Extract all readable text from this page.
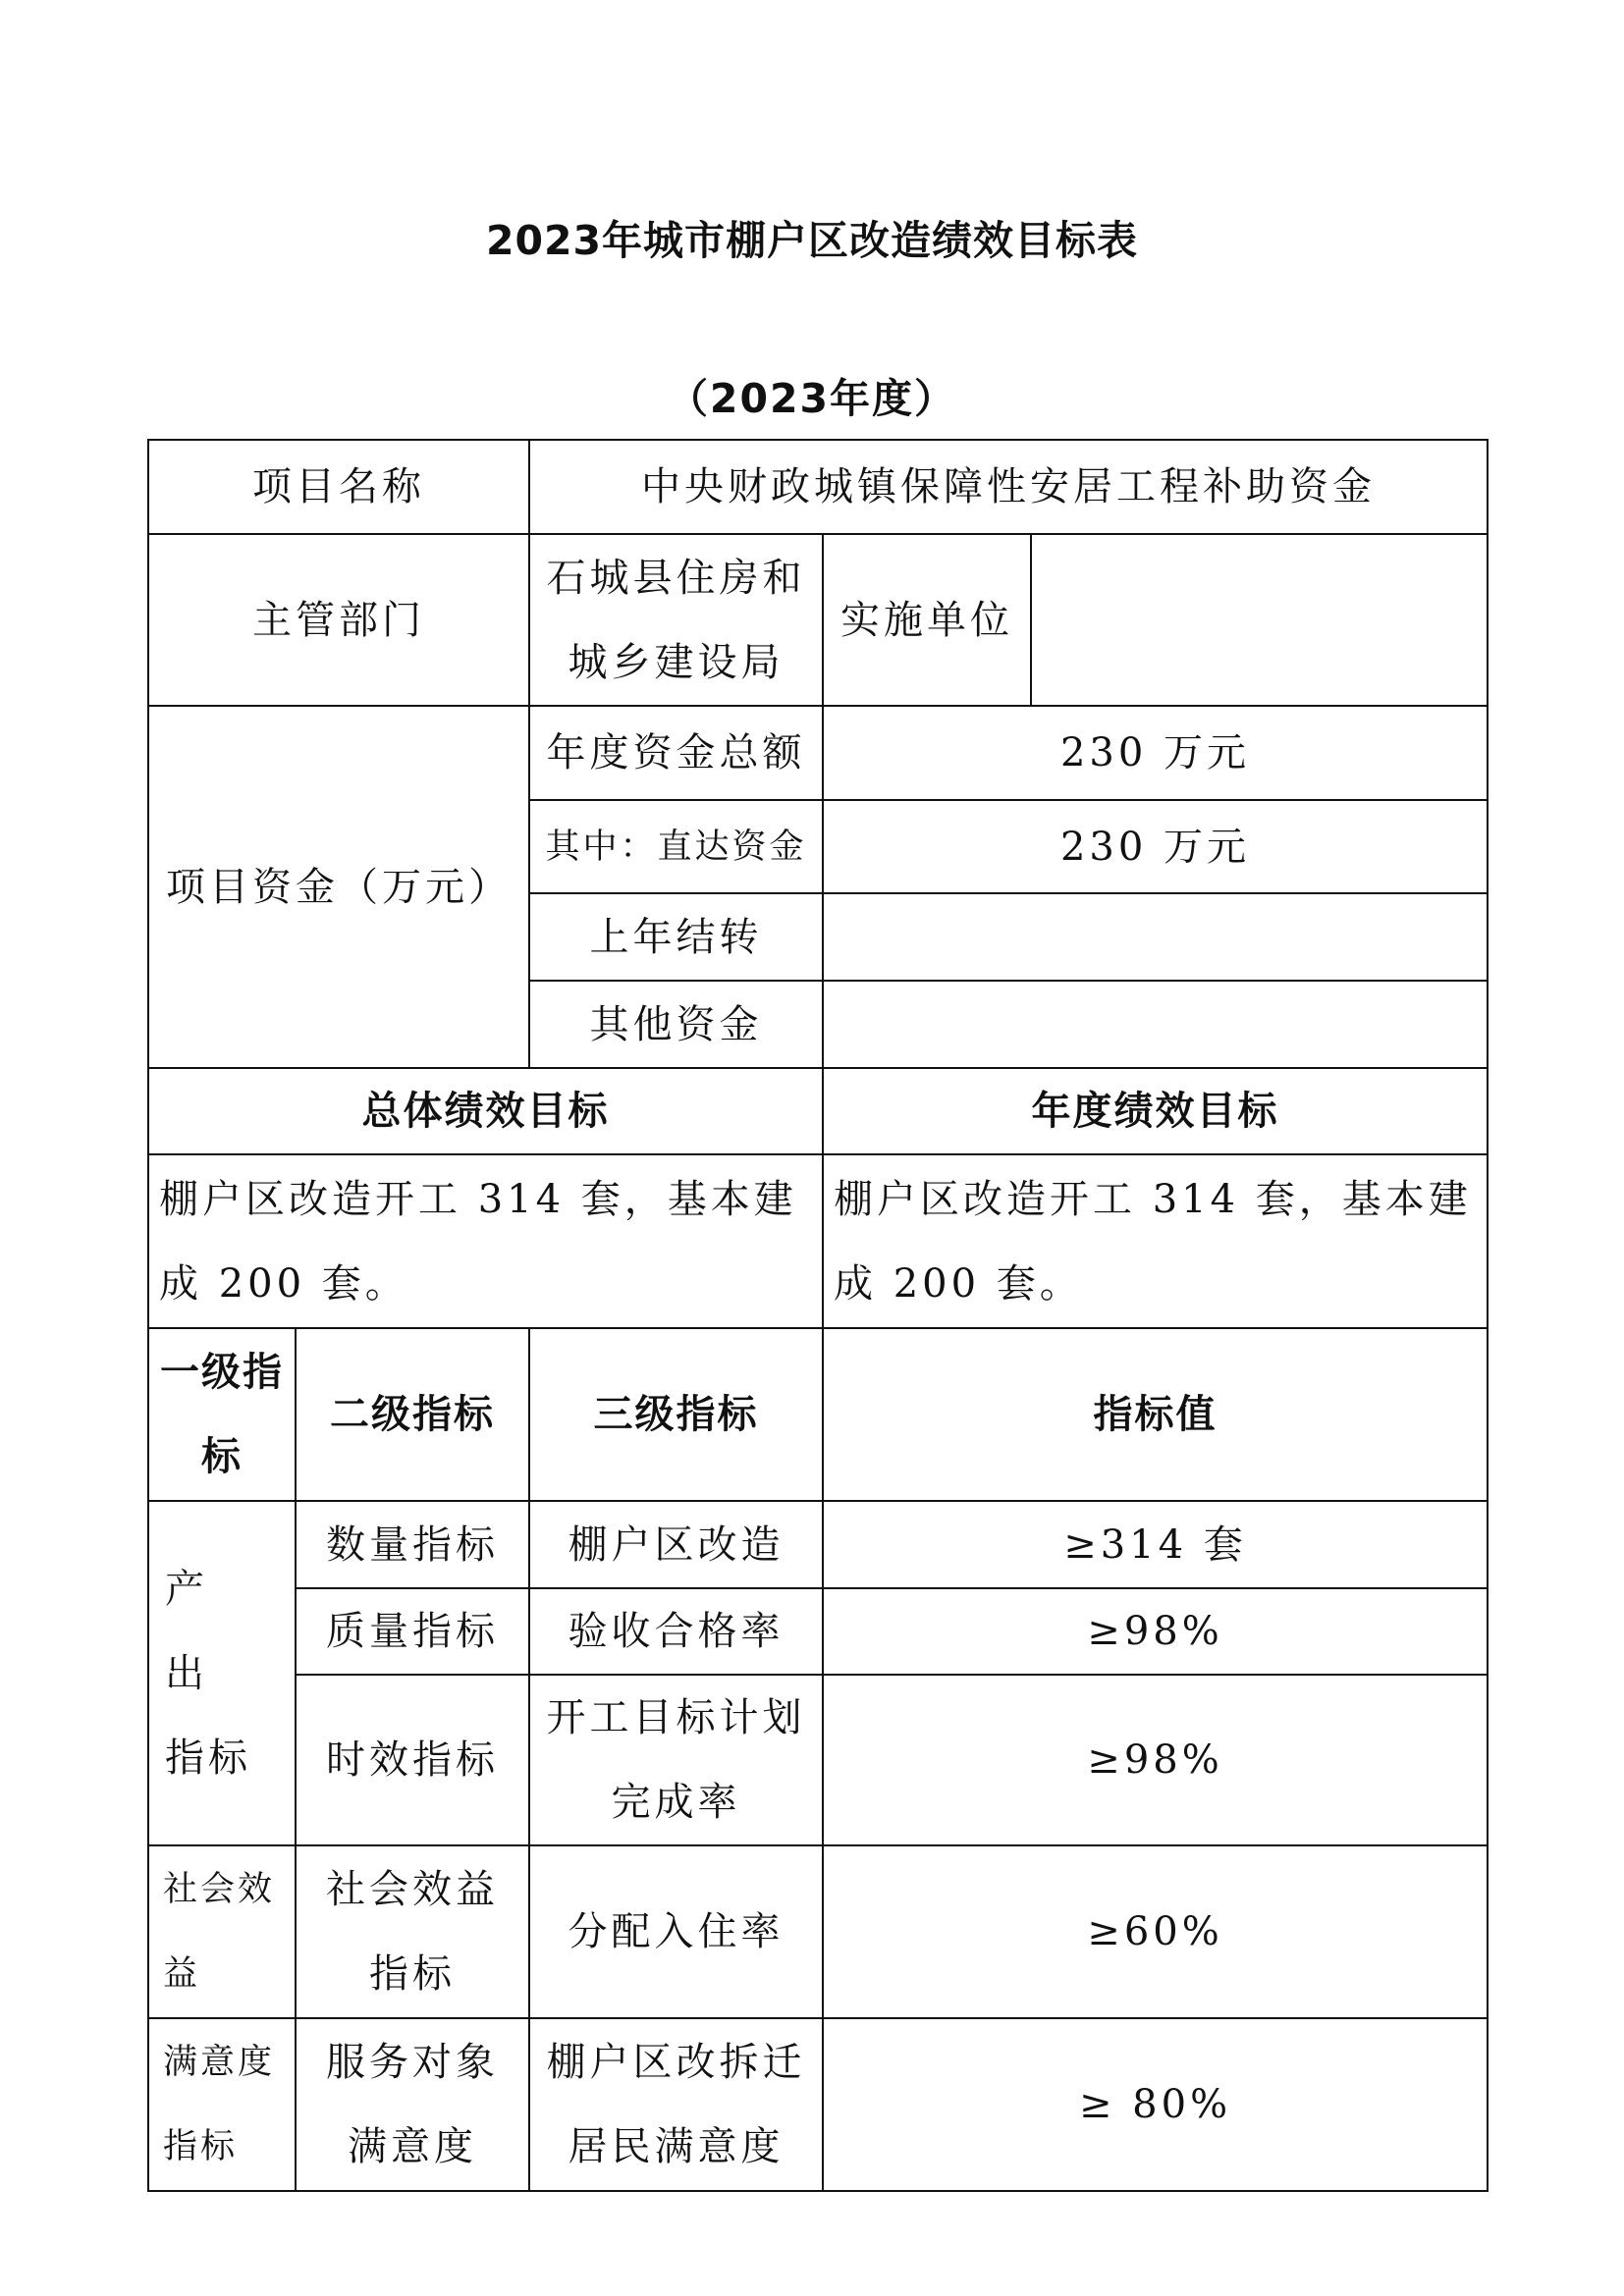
2023年城市棚户区改造绩效目标表
（2023年度）
项目名称		中央财政城镇保障性安居工程补助资金		
主管部门		石城县住房和城乡建设局	实施单位	
项目资金（万元）		年度资金总额	230 万元	
		其中：直达资金	230 万元	
		上年结转		
		其他资金		
总体绩效目标			年度绩效目标	
棚户区改造开工 314 套，基本建成 200 套。			棚户区改造开工 314 套，基本建成 200 套。	
一级指标	二级指标	三级指标	指标值	

产　出
指标	数量指标	棚户区改造	≥314 套	
	质量指标	验收合格率	≥98%	
	时效指标	开工目标计划完成率	≥98%	
社会效益	社会效益指标	分配入住率	≥60%	
满意度指标	服务对象满意度	棚户区改拆迁居民满意度	≥ 80%	
